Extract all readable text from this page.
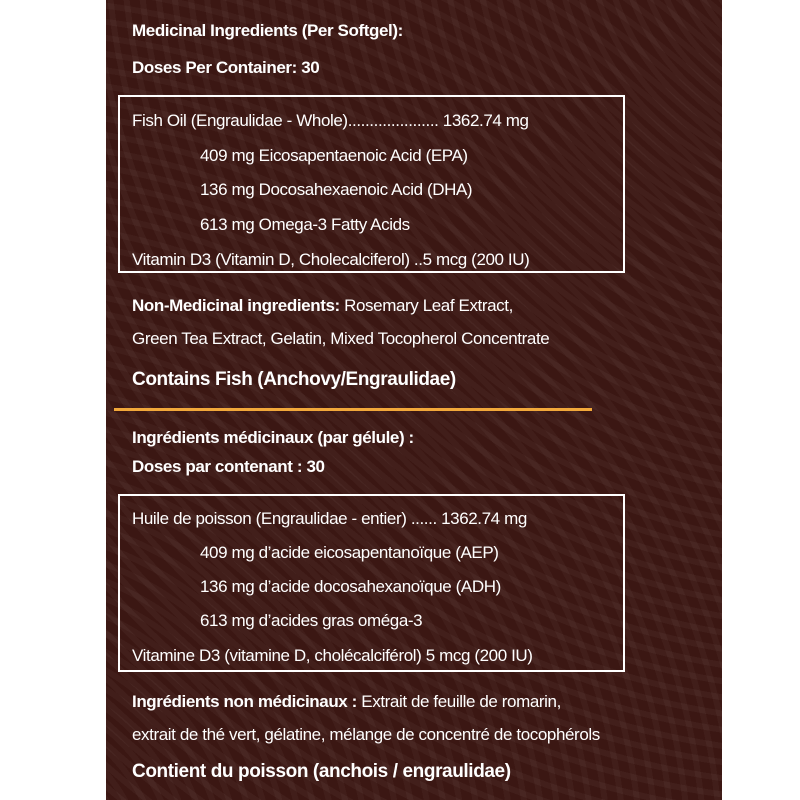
Medicinal Ingredients (Per Softgel):
Doses Per Container: 30
Fish Oil (Engraulidae - Whole)..................... 1362.74 mg
409 mg Eicosapentaenoic Acid (EPA)
136 mg Docosahexaenoic Acid (DHA)
613 mg Omega-3 Fatty Acids
Vitamin D3 (Vitamin D, Cholecalciferol) ..5 mcg (200 IU)
Non-Medicinal ingredients: Rosemary Leaf Extract,
Green Tea Extract, Gelatin, Mixed Tocopherol Concentrate
Contains Fish (Anchovy/Engraulidae)
Ingrédients médicinaux (par gélule) :
Doses par contenant : 30
Huile de poisson (Engraulidae - entier) ...... 1362.74 mg
409 mg d’acide eicosapentanoïque (AEP)
136 mg d’acide docosahexanoïque (ADH)
613 mg d’acides gras oméga-3
Vitamine D3 (vitamine D, cholécalciférol) 5 mcg (200 IU)
Ingrédients non médicinaux : Extrait de feuille de romarin,
extrait de thé vert, gélatine, mélange de concentré de tocophérols
Contient du poisson (anchois / engraulidae)
